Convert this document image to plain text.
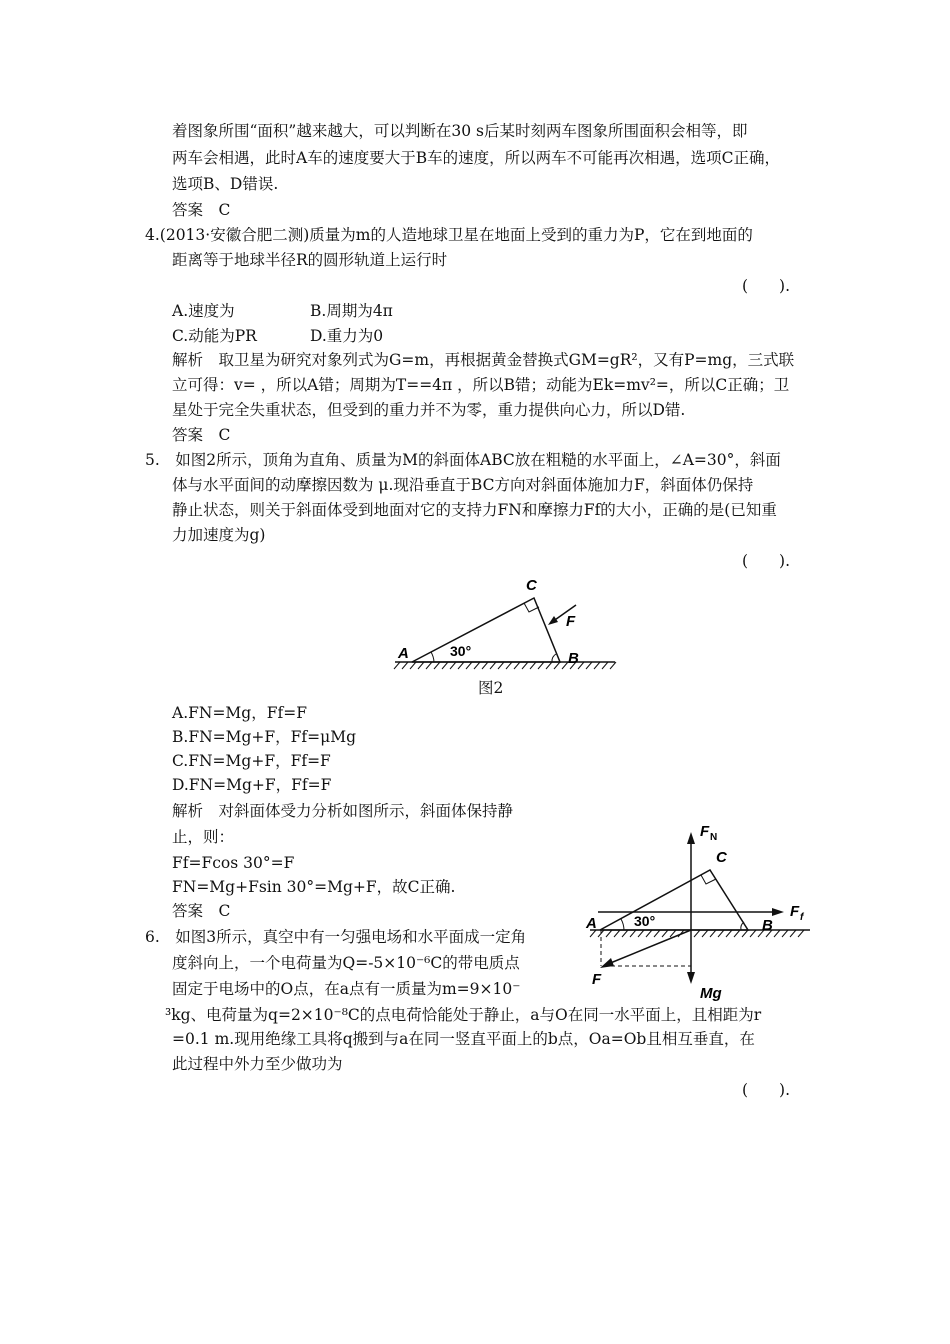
着图象所围“面积”越来越大，可以判断在30 s后某时刻两车图象所围面积会相等，即
两车会相遇，此时A车的速度要大于B车的速度，所以两车不可能再次相遇，选项C正确，
选项B、D错误.
答案　C
4.(2013·安徽合肥二测)质量为m的人造地球卫星在地面上受到的重力为P，它在到地面的
距离等于地球半径R的圆形轨道上运行时
(　　).
A.速度为	B.周期为4π
C.动能为PR	D.重力为0
解析　取卫星为研究对象列式为G=m，再根据黄金替换式GM=gR²，又有P=mg，三式联
立可得：v= ，所以A错；周期为T==4π ，所以B错；动能为Ek=mv²=，所以C正确；卫
星处于完全失重状态，但受到的重力并不为零，重力提供向心力，所以D错.
答案　C
5.　如图2所示，顶角为直角、质量为M的斜面体ABC放在粗糙的水平面上，∠A=30°，斜面
体与水平面间的动摩擦因数为 μ.现沿垂直于BC方向对斜面体施加力F，斜面体仍保持
静止状态，则关于斜面体受到地面对它的支持力FN和摩擦力Ff的大小，正确的是(已知重
力加速度为g)
(　　).
A	B
C
F
30°
图2
A.FN=Mg，Ff=F
B.FN=Mg+F，Ff=μMg
C.FN=Mg+F，Ff=F
D.FN=Mg+F，Ff=F
解析　对斜面体受力分析如图所示，斜面体保持静
止，则：
Ff=Fcos 30°=F
FN=Mg+Fsin 30°=Mg+F，故C正确.
答案　C
F N
F f
Mg
F
A	B
C
30°
6.　如图3所示，真空中有一匀强电场和水平面成一定角
度斜向上，一个电荷量为Q=-5×10⁻⁶C的带电质点
固定于电场中的O点，在a点有一质量为m=9×10⁻
³kg、电荷量为q=2×10⁻⁸C的点电荷恰能处于静止，a与O在同一水平面上，且相距为r
=0.1 m.现用绝缘工具将q搬到与a在同一竖直平面上的b点，Oa=Ob且相互垂直，在
此过程中外力至少做功为
(　　).
